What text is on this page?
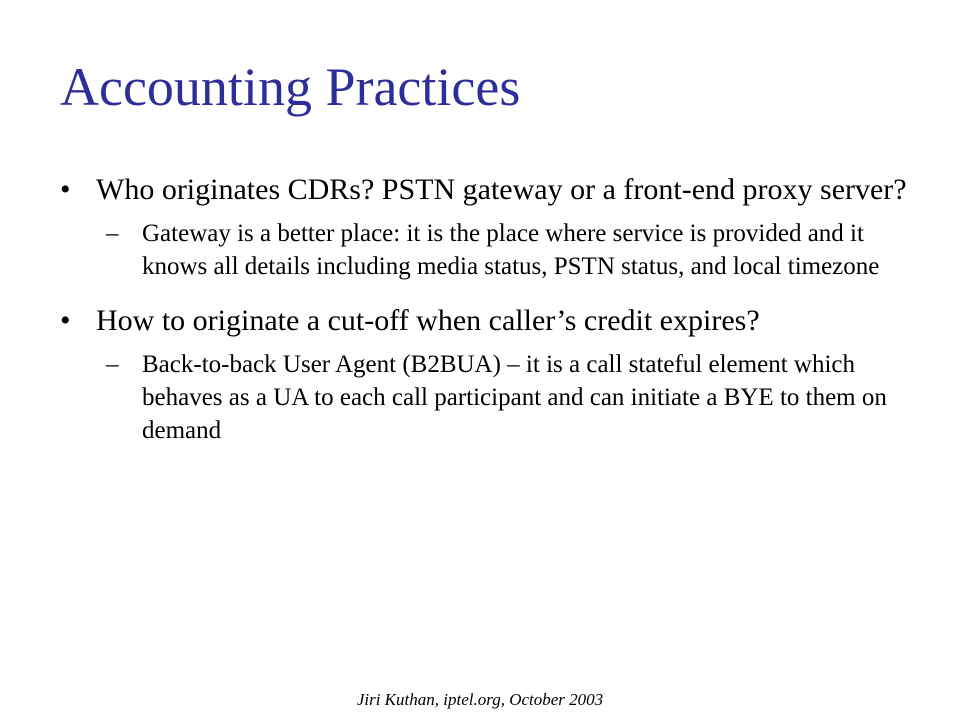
Accounting Practices
• Who originates CDRs? PSTN gateway or a front-end proxy server?
– Gateway is a better place: it is the place where service is provided and it knows all details including media status, PSTN status, and local timezone
• How to originate a cut-off when caller’s credit expires?
– Back-to-back User Agent (B2BUA) – it is a call stateful element which behaves as a UA to each call participant and can initiate a BYE to them on demand
Jiri Kuthan, iptel.org, October 2003
